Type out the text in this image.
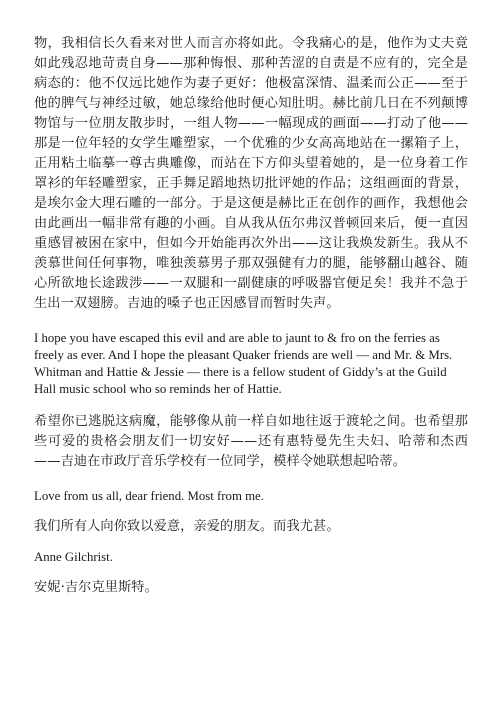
物，我相信长久看来对世人而言亦将如此。令我痛心的是，他作为丈夫竟如此残忍地苛责自身——那种悔恨、那种苦涩的自责是不应有的，完全是病态的：他不仅远比她作为妻子更好：他极富深情、温柔而公正——至于他的脾气与神经过敏，她总缘给他时便心知肚明。赫比前几日在不列颠博物馆与一位朋友散步时，一组人物——一幅现成的画面——打动了他——那是一位年轻的女学生雕塑家，一个优雅的少女高高地站在一摞箱子上，正用粘土临摹一尊古典雕像，而站在下方仰头望着她的，是一位身着工作罩衫的年轻雕塑家，正手舞足蹈地热切批评她的作品；这组画面的背景，是埃尔金大理石雕的一部分。于是这便是赫比正在创作的画作，我想他会由此画出一幅非常有趣的小画。自从我从伍尔弗汉普顿回来后，便一直因重感冒被困在家中，但如今开始能再次外出——这让我焕发新生。我从不羡慕世间任何事物，唯独羡慕男子那双强健有力的腿，能够翻山越谷、随心所欲地长途跋涉——一双腿和一副健康的呼吸器官便足矣！我并不急于生出一双翅膀。吉迪的嗓子也正因感冒而暂时失声。

I hope you have escaped this evil and are able to jaunt to & fro on the ferries as freely as ever. And I hope the pleasant Quaker friends are well — and Mr. & Mrs. Whitman and Hattie & Jessie — there is a fellow student of Giddy’s at the Guild Hall music school who so reminds her of Hattie.

希望你已逃脱这病魔，能够像从前一样自如地往返于渡轮之间。也希望那些可爱的贵格会朋友们一切安好——还有惠特曼先生夫妇、哈蒂和杰西——吉迪在市政厅音乐学校有一位同学，模样令她联想起哈蒂。

Love from us all, dear friend. Most from me.

我们所有人向你致以爱意，亲爱的朋友。而我尤甚。

Anne Gilchrist.

安妮·吉尔克里斯特。
